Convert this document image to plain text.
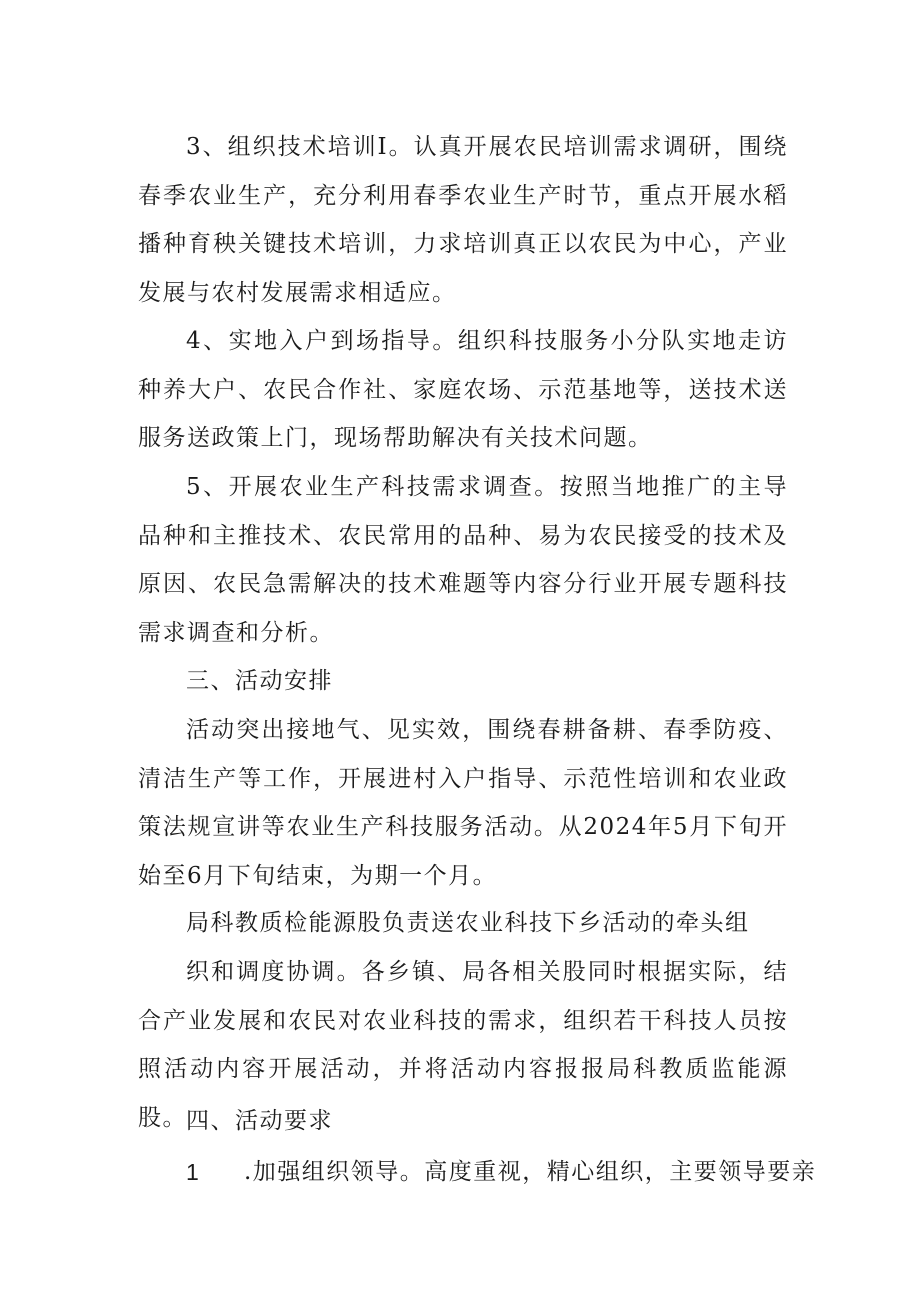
3、组织技术培训I。认真开展农民培训需求调研，围绕春季农业生产，充分利用春季农业生产时节，重点开展水稻播种育秧关键技术培训，力求培训真正以农民为中心，产业发展与农村发展需求相适应。

4、实地入户到场指导。组织科技服务小分队实地走访种养大户、农民合作社、家庭农场、示范基地等，送技术送服务送政策上门，现场帮助解决有关技术问题。

5、开展农业生产科技需求调查。按照当地推广的主导品种和主推技术、农民常用的品种、易为农民接受的技术及原因、农民急需解决的技术难题等内容分行业开展专题科技需求调查和分析。

三、活动安排

活动突出接地气、见实效，围绕春耕备耕、春季防疫、清洁生产等工作，开展进村入户指导、示范性培训和农业政策法规宣讲等农业生产科技服务活动。从2024年5月下旬开始至6月下旬结束，为期一个月。

局科教质检能源股负责送农业科技下乡活动的牵头组

织和调度协调。各乡镇、局各相关股同时根据实际，结合产业发展和农民对农业科技的需求，组织若干科技人员按照活动内容开展活动，并将活动内容报报局科教质监能源股。 四、活动要求

1 .加强组织领导。高度重视，精心组织，主要领导要亲
